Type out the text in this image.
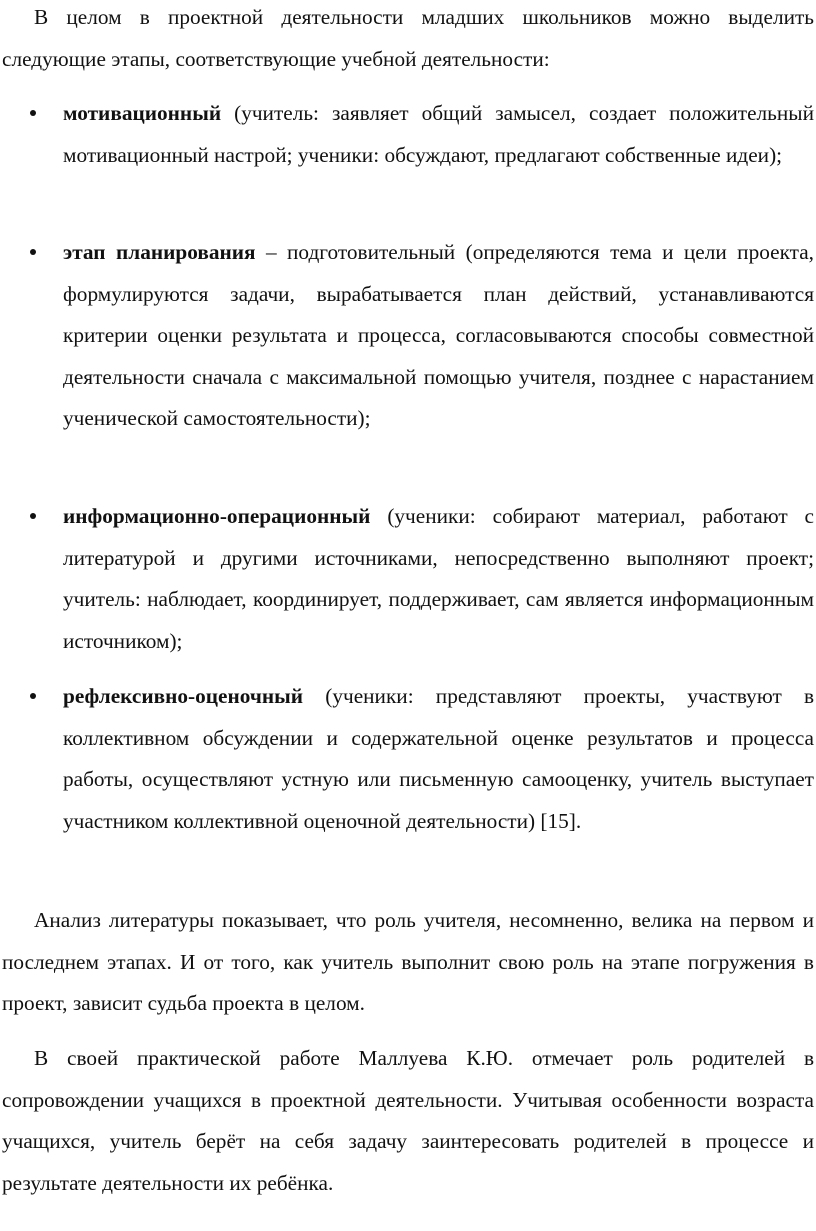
В целом в проектной деятельности младших школьников можно выделить следующие этапы, соответствующие учебной деятельности:

мотивационный (учитель: заявляет общий замысел, создает положительный мотивационный настрой; ученики: обсуждают, предлагают собственные идеи);

этап планирования – подготовительный (определяются тема и цели проекта, формулируются задачи, вырабатывается план действий, устанавливаются критерии оценки результата и процесса, согласовываются способы совместной деятельности сначала с максимальной помощью учителя, позднее с нарастанием ученической самостоятельности);

информационно-операционный (ученики: собирают материал, работают с литературой и другими источниками, непосредственно выполняют проект; учитель: наблюдает, координирует, поддерживает, сам является информационным источником);

рефлексивно-оценочный (ученики: представляют проекты, участвуют в коллективном обсуждении и содержательной оценке результатов и процесса работы, осуществляют устную или письменную самооценку, учитель выступает участником коллективной оценочной деятельности) [15].

Анализ литературы показывает, что роль учителя, несомненно, велика на первом и последнем этапах. И от того, как учитель выполнит свою роль на этапе погружения в проект, зависит судьба проекта в целом.

В своей практической работе Маллуева К.Ю. отмечает роль родителей в сопровождении учащихся в проектной деятельности. Учитывая особенности возраста учащихся, учитель берёт на себя задачу заинтересовать родителей в процессе и результате деятельности их ребёнка.
